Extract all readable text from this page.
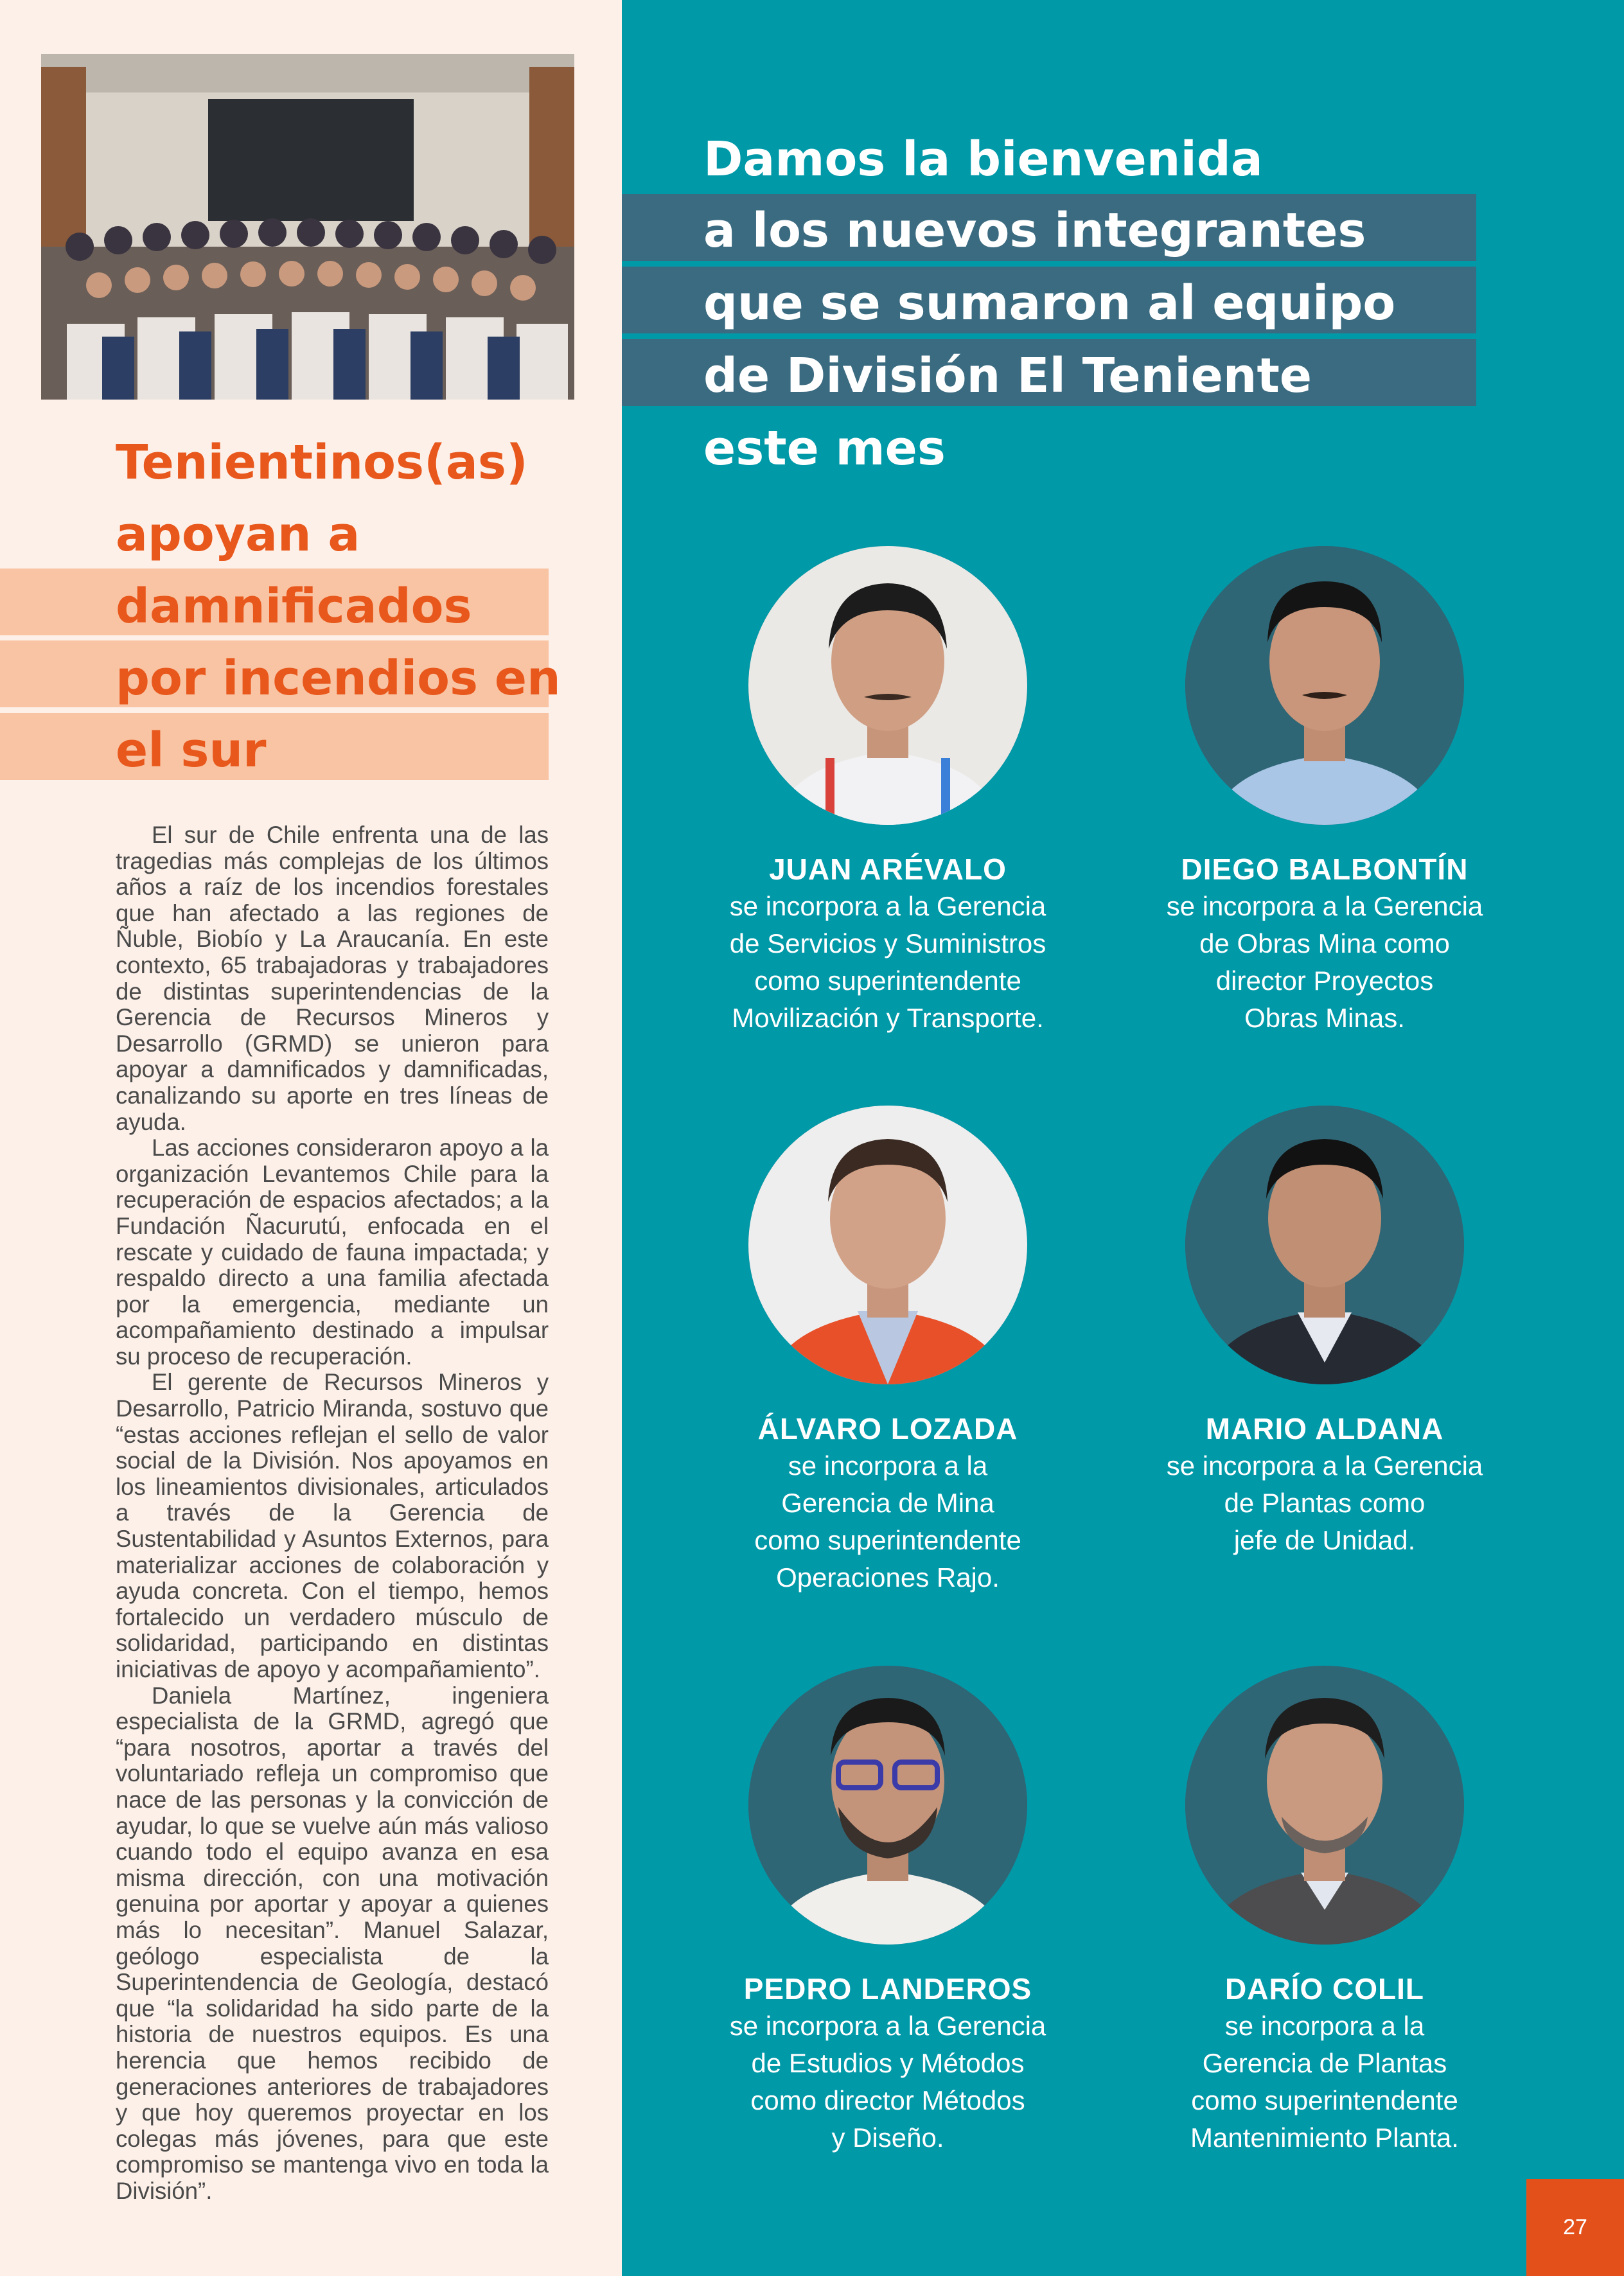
Tenientinos(as)
apoyan a
damnificados
por incendios en
el sur

El sur de Chile enfrenta una de las tragedias más complejas de los últimos años a raíz de los incendios forestales que han afectado a las regiones de Ñuble, Biobío y La Araucanía. En este contexto, 65 trabajadoras y trabajadores de distintas superintendencias de la Gerencia de Recursos Mineros y Desarrollo (GRMD) se unieron para apoyar a damnificados y damnificadas, canalizando su aporte en tres líneas de ayuda.

Las acciones consideraron apoyo a la organización Levantemos Chile para la recuperación de espacios afectados; a la Fundación Ñacurutú, enfocada en el rescate y cuidado de fauna impactada; y respaldo directo a una familia afectada por la emergencia, mediante un acompañamiento destinado a impulsar su proceso de recuperación.

El gerente de Recursos Mineros y Desarrollo, Patricio Miranda, sostuvo que “estas acciones reflejan el sello de valor social de la División. Nos apoyamos en los lineamientos divisionales, articulados a través de la Gerencia de Sustentabilidad y Asuntos Externos, para materializar acciones de colaboración y ayuda concreta. Con el tiempo, hemos fortalecido un verdadero músculo de solidaridad, participando en distintas iniciativas de apoyo y acompañamiento”.

Daniela Martínez, ingeniera especialista de la GRMD, agregó que “para nosotros, aportar a través del voluntariado refleja un compromiso que nace de las personas y la convicción de ayudar, lo que se vuelve aún más valioso cuando todo el equipo avanza en esa misma dirección, con una motivación genuina por aportar y apoyar a quienes más lo necesitan”. Manuel Salazar, geólogo especialista de la Superintendencia de Geología, destacó que “la solidaridad ha sido parte de la historia de nuestros equipos. Es una herencia que hemos recibido de generaciones anteriores de trabajadores y que hoy queremos proyectar en los colegas más jóvenes, para que este compromiso se mantenga vivo en toda la División”.

Damos la bienvenida
a los nuevos integrantes
que se sumaron al equipo
de División El Teniente
este mes
JUAN ARÉVALO
se incorpora a la Gerencia
de Servicios y Suministros
como superintendente
Movilización y Transporte.
DIEGO BALBONTÍN
se incorpora a la Gerencia
de Obras Mina como
director Proyectos
Obras Minas.
ÁLVARO LOZADA
se incorpora a la
Gerencia de Mina
como superintendente
Operaciones Rajo.
MARIO ALDANA
se incorpora a la Gerencia
de Plantas como
jefe de Unidad.
PEDRO LANDEROS
se incorpora a la Gerencia
de Estudios y Métodos
como director Métodos
y Diseño.
DARÍO COLIL
se incorpora a la
Gerencia de Plantas
como superintendente
Mantenimiento Planta.
27
